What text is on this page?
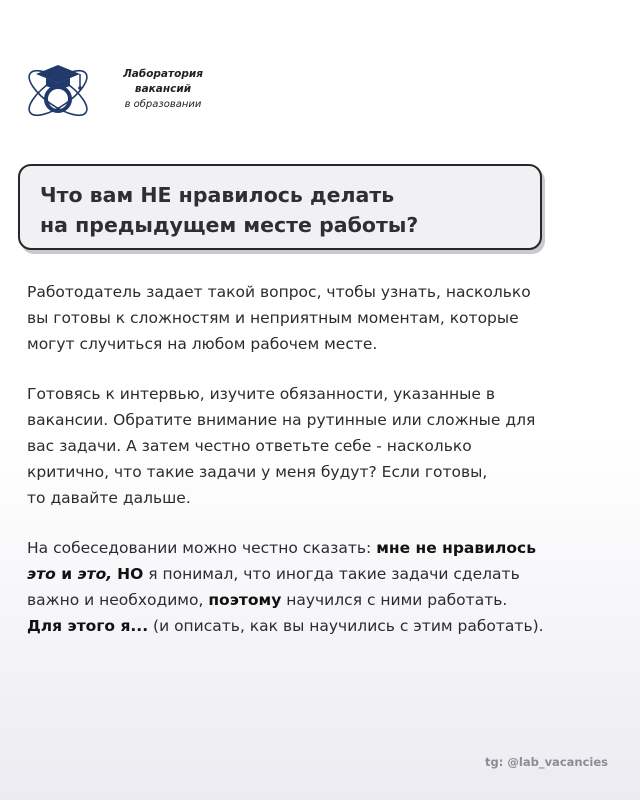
Лаборатория
вакансий
в образовании
Что вам НЕ нравилось делать
на предыдущем месте работы?

Работодатель задает такой вопрос, чтобы узнать, насколько
вы готовы к сложностям и неприятным моментам, которые
могут случиться на любом рабочем месте.

Готовясь к интервью, изучите обязанности, указанные в
вакансии. Обратите внимание на рутинные или сложные для
вас задачи. А затем честно ответьте себе - насколько
критично, что такие задачи у меня будут? Если готовы,
то давайте дальше.

На собеседовании можно честно сказать: мне не нравилось
это и это, НО я понимал, что иногда такие задачи сделать
важно и необходимо, поэтому научился с ними работать.
Для этого я... (и описать, как вы научились с этим работать).

tg: @lab_vacancies
